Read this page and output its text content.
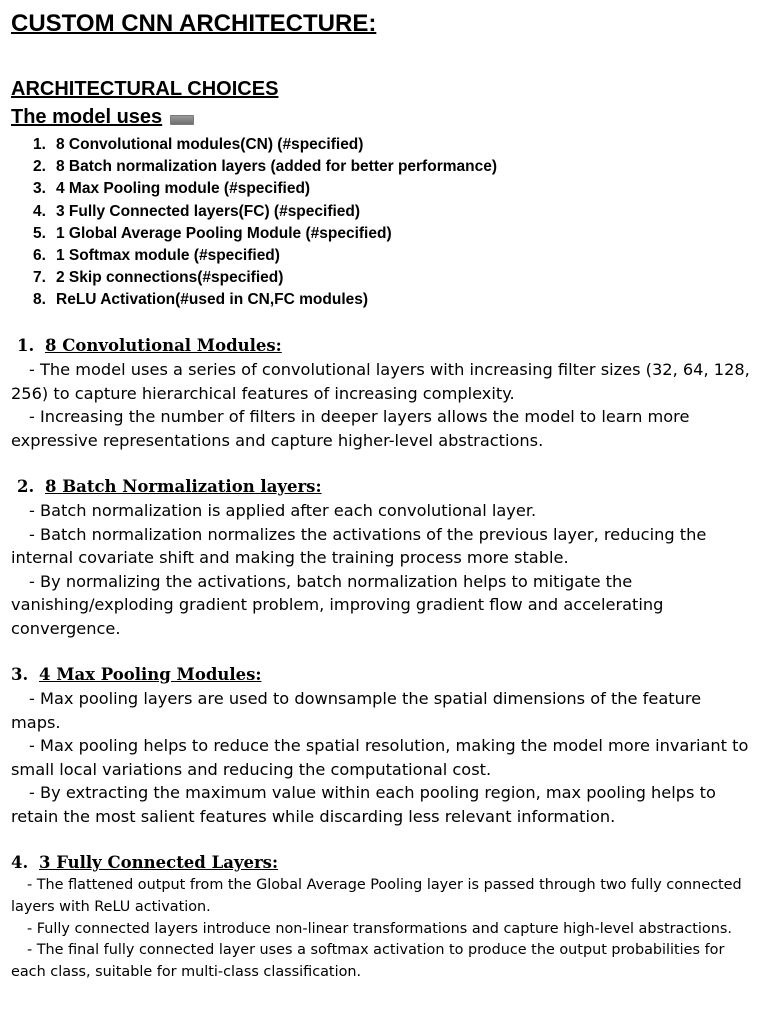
CUSTOM CNN ARCHITECTURE:
ARCHITECTURAL CHOICES
The model uses
1. 8 Convolutional modules(CN) (#specified)
2. 8 Batch normalization layers (added for better performance)
3. 4 Max Pooling module (#specified)
4. 3 Fully Connected layers(FC) (#specified)
5. 1 Global Average Pooling Module (#specified)
6. 1 Softmax module (#specified)
7. 2 Skip connections(#specified)
8. ReLU Activation(#used in CN,FC modules)
1. 8 Convolutional Modules:

- The model uses a series of convolutional layers with increasing filter sizes (32, 64, 128, 256) to capture hierarchical features of increasing complexity.

- Increasing the number of filters in deeper layers allows the model to learn more expressive representations and capture higher-level abstractions.

2. 8 Batch Normalization layers:

- Batch normalization is applied after each convolutional layer.

- Batch normalization normalizes the activations of the previous layer, reducing the internal covariate shift and making the training process more stable.

- By normalizing the activations, batch normalization helps to mitigate the vanishing/exploding gradient problem, improving gradient flow and accelerating convergence.

3. 4 Max Pooling Modules:

- Max pooling layers are used to downsample the spatial dimensions of the feature maps.

- Max pooling helps to reduce the spatial resolution, making the model more invariant to small local variations and reducing the computational cost.

- By extracting the maximum value within each pooling region, max pooling helps to retain the most salient features while discarding less relevant information.

4. 3 Fully Connected Layers:

- The flattened output from the Global Average Pooling layer is passed through two fully connected layers with ReLU activation.

- Fully connected layers introduce non-linear transformations and capture high-level abstractions.

- The final fully connected layer uses a softmax activation to produce the output probabilities for each class, suitable for multi-class classification.
